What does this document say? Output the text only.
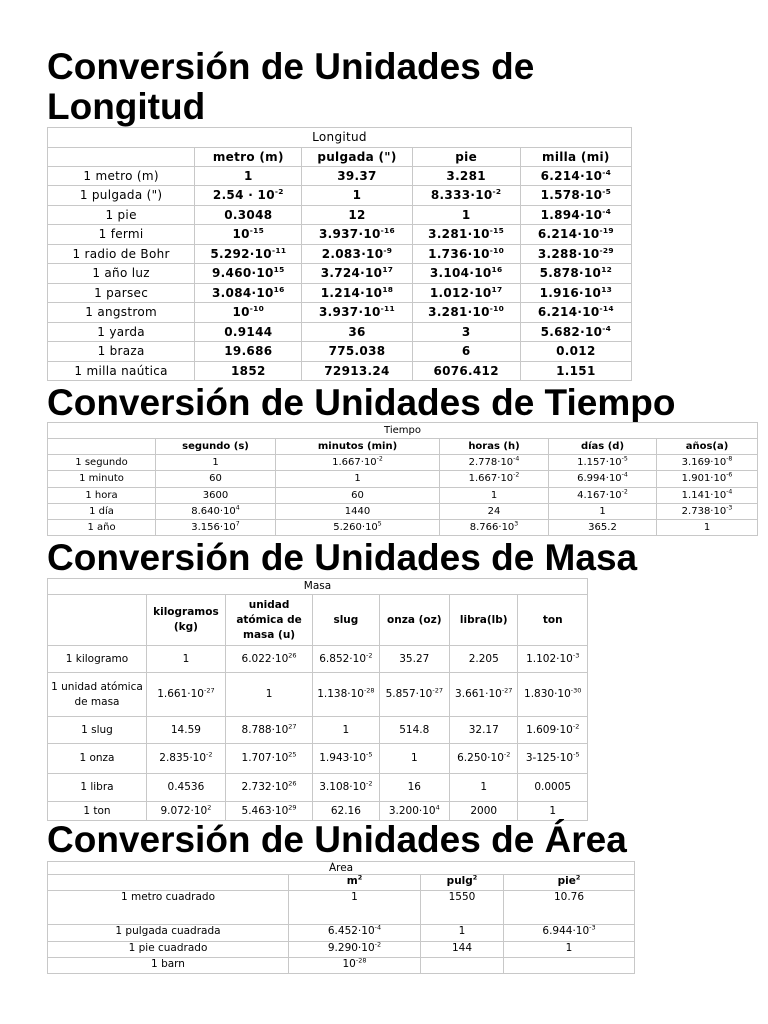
Conversión de Unidades de Longitud
Longitud				
	metro (m)	pulgada (")	pie	milla (mi)
1 metro (m)	1	39.37	3.281	$6.214\cdot 10^{-4}$
1 pulgada (")	$2.54 \cdot 10^{-2}$	1	$8.333\cdot 10^{-2}$	$1.578\cdot 10^{-5}$
1 pie	0.3048	12	1	$1.894\cdot 10^{-4}$
1 fermi	$10^{-15}$	$3.937\cdot 10^{-16}$	$3.281\cdot 10^{-15}$	$6.214\cdot 10^{-19}$
1 radio de Bohr	$5.292\cdot 10^{-11}$	$2.083\cdot 10^{-9}$	$1.736\cdot 10^{-10}$	$3.288\cdot 10^{-29}$
1 año luz	$9.460\cdot 10^{15}$	$3.724\cdot 10^{17}$	$3.104\cdot 10^{16}$	$5.878\cdot 10^{12}$
1 parsec	$3.084\cdot 10^{16}$	$1.214\cdot 10^{18}$	$1.012\cdot 10^{17}$	$1.916\cdot 10^{13}$
1 angstrom	$10^{-10}$	$3.937\cdot 10^{-11}$	$3.281\cdot 10^{-10}$	$6.214\cdot 10^{-14}$
1 yarda	0.9144	36	3	$5.682\cdot 10^{-4}$
1 braza	19.686	775.038	6	0.012
1 milla naútica	1852	72913.24	6076.412	1.151
Conversión de Unidades de Tiempo
Tiempo					
	segundo (s)	minutos (min)	horas (h)	días (d)	años(a)
1 segundo	1	$1.667\cdot 10^{-2}$	$2.778\cdot 10^{-4}$	$1.157\cdot 10^{-5}$	$3.169\cdot 10^{-8}$
1 minuto	60	1	$1.667\cdot 10^{-2}$	$6.994\cdot 10^{-4}$	$1.901\cdot 10^{-6}$
1 hora	3600	60	1	$4.167\cdot 10^{-2}$	$1.141\cdot 10^{-4}$
1 día	$8.640\cdot 10^4$	1440	24	1	$2.738\cdot 10^{-3}$
1 año	$3.156\cdot 10^7$	$5.260\cdot 10^5$	$8.766\cdot 10^3$	365.2	1
Conversión de Unidades de Masa
Masa						
	kilogramos (kg)	unidad atómica de masa (u)	slug	onza (oz)	libra(lb)	ton
1 kilogramo	1	$6.022\cdot 10^{26}$	$6.852\cdot 10^{-2}$	35.27	2.205	$1.102\cdot 10^{-3}$
1 unidad atómica de masa	$1.661\cdot 10^{-27}$	1	$1.138\cdot 10^{-28}$	$5.857\cdot 10^{-27}$	$3.661\cdot 10^{-27}$	$1.830\cdot 10^{-30}$
1 slug	14.59	$8.788\cdot 10^{27}$	1	514.8	32.17	$1.609\cdot 10^{-2}$
1 onza	$2.835\cdot 10^{-2}$	$1.707\cdot 10^{25}$	$1.943\cdot 10^{-5}$	1	$6.250\cdot 10^{-2}$	$3-125\cdot 10^{-5}$
1 libra	0.4536	$2.732\cdot 10^{26}$	$3.108\cdot 10^{-2}$	16	1	0.0005
1 ton	$9.072\cdot 10^2$	$5.463\cdot 10^{29}$	62.16	$3.200\cdot 10^4$	2000	1
Conversión de Unidades de Área
Área			
	$m^2$	pulg$^2$	pie$^2$
1 metro cuadrado	1	1550	10.76
1 pulgada cuadrada	$6.452\cdot 10^{-4}$	1	$6.944\cdot 10^{-3}$
1 pie cuadrado	$9.290\cdot 10^{-2}$	144	1
1 barn	$10^{-28}$		
